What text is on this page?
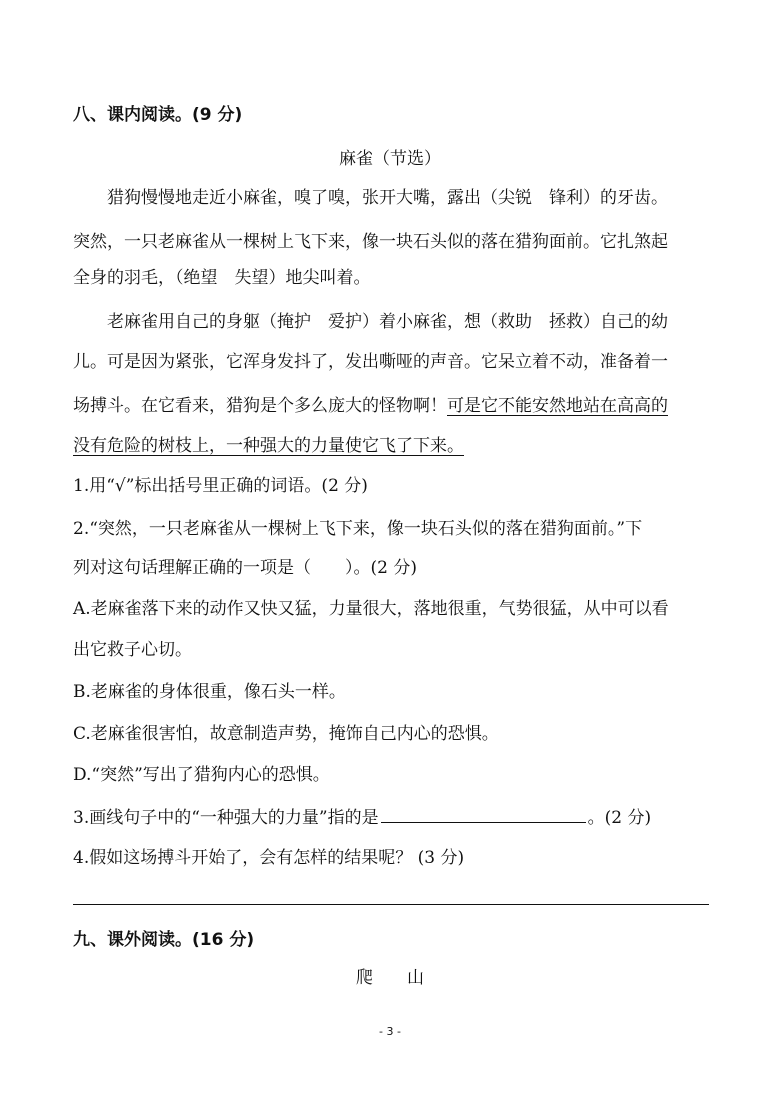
八、课内阅读。(9 分)
麻雀（节选）
猎狗慢慢地走近小麻雀，嗅了嗅，张开大嘴，露出（尖锐　锋利）的牙齿。
突然，一只老麻雀从一棵树上飞下来，像一块石头似的落在猎狗面前。它扎煞起
全身的羽毛，（绝望　失望）地尖叫着。
老麻雀用自己的身躯（掩护　爱护）着小麻雀，想（救助　拯救）自己的幼
儿。可是因为紧张，它浑身发抖了，发出嘶哑的声音。它呆立着不动，准备着一
场搏斗。在它看来，猎狗是个多么庞大的怪物啊！可是它不能安然地站在高高的
没有危险的树枝上，一种强大的力量使它飞了下来。
1.用“√”标出括号里正确的词语。(2 分)
2.“突然，一只老麻雀从一棵树上飞下来，像一块石头似的落在猎狗面前。”下
列对这句话理解正确的一项是（　　）。(2 分)
A.老麻雀落下来的动作又快又猛，力量很大，落地很重，气势很猛，从中可以看
出它救子心切。
B.老麻雀的身体很重，像石头一样。
C.老麻雀很害怕，故意制造声势，掩饰自己内心的恐惧。
D.“突然”写出了猎狗内心的恐惧。
3.画线句子中的“一种强大的力量”指的是	。(2 分)
4.假如这场搏斗开始了，会有怎样的结果呢？ (3 分)
九、课外阅读。(16 分)
爬　　山
- 3 -
